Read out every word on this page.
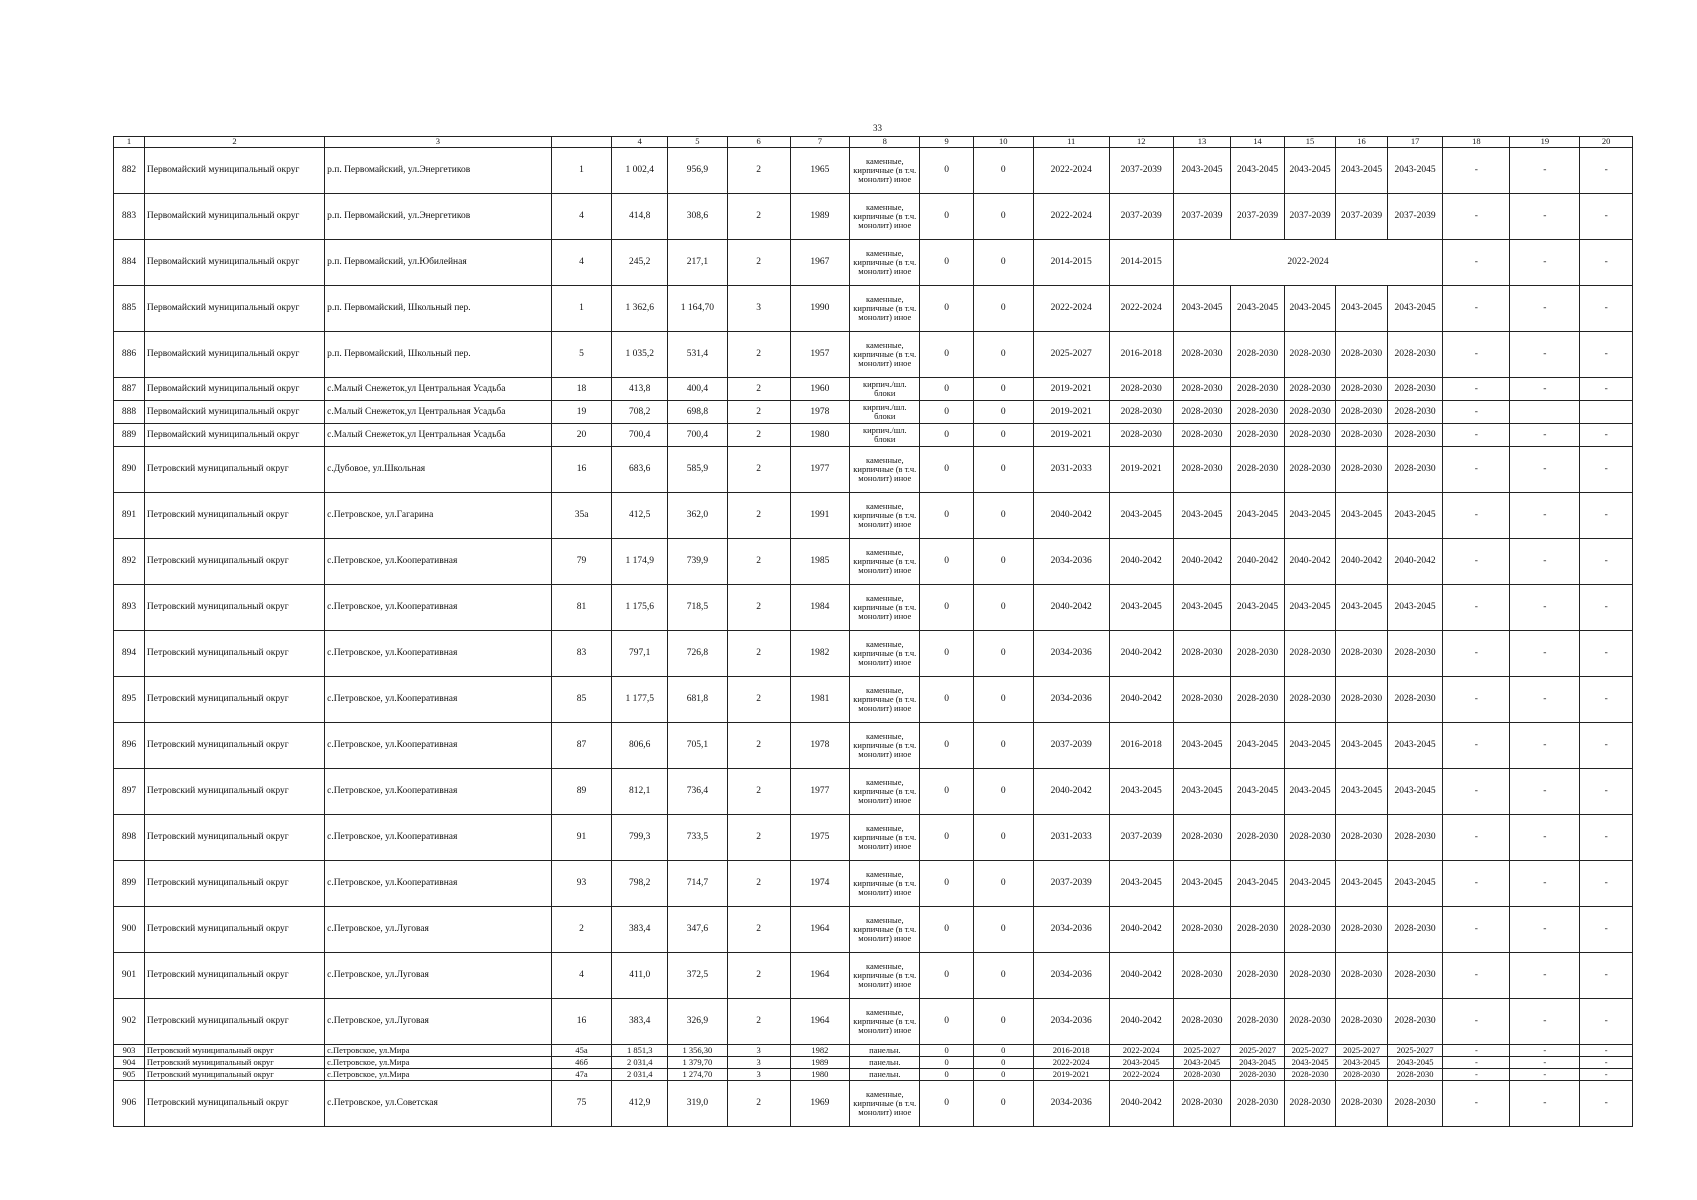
33
1	2	3		4	5	6	7	8	9	10	11	12	13	14	15	16	17	18	19	20
882	Первомайский муниципальный округ	р.п. Первомайский, ул.Энергетиков	1	1 002,4	956,9	2	1965	каменные, кирпичные (в т.ч. монолит) иное	0	0	2022-2024	2037-2039	2043-2045	2043-2045	2043-2045	2043-2045	2043-2045	-	-	-
883	Первомайский муниципальный округ	р.п. Первомайский, ул.Энергетиков	4	414,8	308,6	2	1989	каменные, кирпичные (в т.ч. монолит) иное	0	0	2022-2024	2037-2039	2037-2039	2037-2039	2037-2039	2037-2039	2037-2039	-	-	-
884	Первомайский муниципальный округ	р.п. Первомайский, ул.Юбилейная	4	245,2	217,1	2	1967	каменные, кирпичные (в т.ч. монолит) иное	0	0	2014-2015	2014-2015	2022-2024					-	-	-
885	Первомайский муниципальный округ	р.п. Первомайский, Школьный пер.	1	1 362,6	1 164,70	3	1990	каменные, кирпичные (в т.ч. монолит) иное	0	0	2022-2024	2022-2024	2043-2045	2043-2045	2043-2045	2043-2045	2043-2045	-	-	-
886	Первомайский муниципальный округ	р.п. Первомайский, Школьный пер.	5	1 035,2	531,4	2	1957	каменные, кирпичные (в т.ч. монолит) иное	0	0	2025-2027	2016-2018	2028-2030	2028-2030	2028-2030	2028-2030	2028-2030	-	-	-
887	Первомайский муниципальный округ	с.Малый Снежеток,ул Центральная Усадьба	18	413,8	400,4	2	1960	кирпич./шл. блоки	0	0	2019-2021	2028-2030	2028-2030	2028-2030	2028-2030	2028-2030	2028-2030	-	-	-
888	Первомайский муниципальный округ	с.Малый Снежеток,ул Центральная Усадьба	19	708,2	698,8	2	1978	кирпич./шл. блоки	0	0	2019-2021	2028-2030	2028-2030	2028-2030	2028-2030	2028-2030	2028-2030	-		
889	Первомайский муниципальный округ	с.Малый Снежеток,ул Центральная Усадьба	20	700,4	700,4	2	1980	кирпич./шл. блоки	0	0	2019-2021	2028-2030	2028-2030	2028-2030	2028-2030	2028-2030	2028-2030	-	-	-
890	Петровский муниципальный округ	с.Дубовое, ул.Школьная	16	683,6	585,9	2	1977	каменные, кирпичные (в т.ч. монолит) иное	0	0	2031-2033	2019-2021	2028-2030	2028-2030	2028-2030	2028-2030	2028-2030	-	-	-
891	Петровский муниципальный округ	с.Петровское, ул.Гагарина	35а	412,5	362,0	2	1991	каменные, кирпичные (в т.ч. монолит) иное	0	0	2040-2042	2043-2045	2043-2045	2043-2045	2043-2045	2043-2045	2043-2045	-	-	-
892	Петровский муниципальный округ	с.Петровское, ул.Кооперативная	79	1 174,9	739,9	2	1985	каменные, кирпичные (в т.ч. монолит) иное	0	0	2034-2036	2040-2042	2040-2042	2040-2042	2040-2042	2040-2042	2040-2042	-	-	-
893	Петровский муниципальный округ	с.Петровское, ул.Кооперативная	81	1 175,6	718,5	2	1984	каменные, кирпичные (в т.ч. монолит) иное	0	0	2040-2042	2043-2045	2043-2045	2043-2045	2043-2045	2043-2045	2043-2045	-	-	-
894	Петровский муниципальный округ	с.Петровское, ул.Кооперативная	83	797,1	726,8	2	1982	каменные, кирпичные (в т.ч. монолит) иное	0	0	2034-2036	2040-2042	2028-2030	2028-2030	2028-2030	2028-2030	2028-2030	-	-	-
895	Петровский муниципальный округ	с.Петровское, ул.Кооперативная	85	1 177,5	681,8	2	1981	каменные, кирпичные (в т.ч. монолит) иное	0	0	2034-2036	2040-2042	2028-2030	2028-2030	2028-2030	2028-2030	2028-2030	-	-	-
896	Петровский муниципальный округ	с.Петровское, ул.Кооперативная	87	806,6	705,1	2	1978	каменные, кирпичные (в т.ч. монолит) иное	0	0	2037-2039	2016-2018	2043-2045	2043-2045	2043-2045	2043-2045	2043-2045	-	-	-
897	Петровский муниципальный округ	с.Петровское, ул.Кооперативная	89	812,1	736,4	2	1977	каменные, кирпичные (в т.ч. монолит) иное	0	0	2040-2042	2043-2045	2043-2045	2043-2045	2043-2045	2043-2045	2043-2045	-	-	-
898	Петровский муниципальный округ	с.Петровское, ул.Кооперативная	91	799,3	733,5	2	1975	каменные, кирпичные (в т.ч. монолит) иное	0	0	2031-2033	2037-2039	2028-2030	2028-2030	2028-2030	2028-2030	2028-2030	-	-	-
899	Петровский муниципальный округ	с.Петровское, ул.Кооперативная	93	798,2	714,7	2	1974	каменные, кирпичные (в т.ч. монолит) иное	0	0	2037-2039	2043-2045	2043-2045	2043-2045	2043-2045	2043-2045	2043-2045	-	-	-
900	Петровский муниципальный округ	с.Петровское, ул.Луговая	2	383,4	347,6	2	1964	каменные, кирпичные (в т.ч. монолит) иное	0	0	2034-2036	2040-2042	2028-2030	2028-2030	2028-2030	2028-2030	2028-2030	-	-	-
901	Петровский муниципальный округ	с.Петровское, ул.Луговая	4	411,0	372,5	2	1964	каменные, кирпичные (в т.ч. монолит) иное	0	0	2034-2036	2040-2042	2028-2030	2028-2030	2028-2030	2028-2030	2028-2030	-	-	-
902	Петровский муниципальный округ	с.Петровское, ул.Луговая	16	383,4	326,9	2	1964	каменные, кирпичные (в т.ч. монолит) иное	0	0	2034-2036	2040-2042	2028-2030	2028-2030	2028-2030	2028-2030	2028-2030	-	-	-
903	Петровский муниципальный округ	с.Петровское, ул.Мира	45а	1 851,3	1 356,30	3	1982	панельн.	0	0	2016-2018	2022-2024	2025-2027	2025-2027	2025-2027	2025-2027	2025-2027	-	-	-
904	Петровский муниципальный округ	с.Петровское, ул.Мира	46б	2 031,4	1 379,70	3	1989	панельн.	0	0	2022-2024	2043-2045	2043-2045	2043-2045	2043-2045	2043-2045	2043-2045	-	-	-
905	Петровский муниципальный округ	с.Петровское, ул.Мира	47а	2 031,4	1 274,70	3	1980	панельн.	0	0	2019-2021	2022-2024	2028-2030	2028-2030	2028-2030	2028-2030	2028-2030	-	-	-
906	Петровский муниципальный округ	с.Петровское, ул.Советская	75	412,9	319,0	2	1969	каменные, кирпичные (в т.ч. монолит) иное	0	0	2034-2036	2040-2042	2028-2030	2028-2030	2028-2030	2028-2030	2028-2030	-	-	-
